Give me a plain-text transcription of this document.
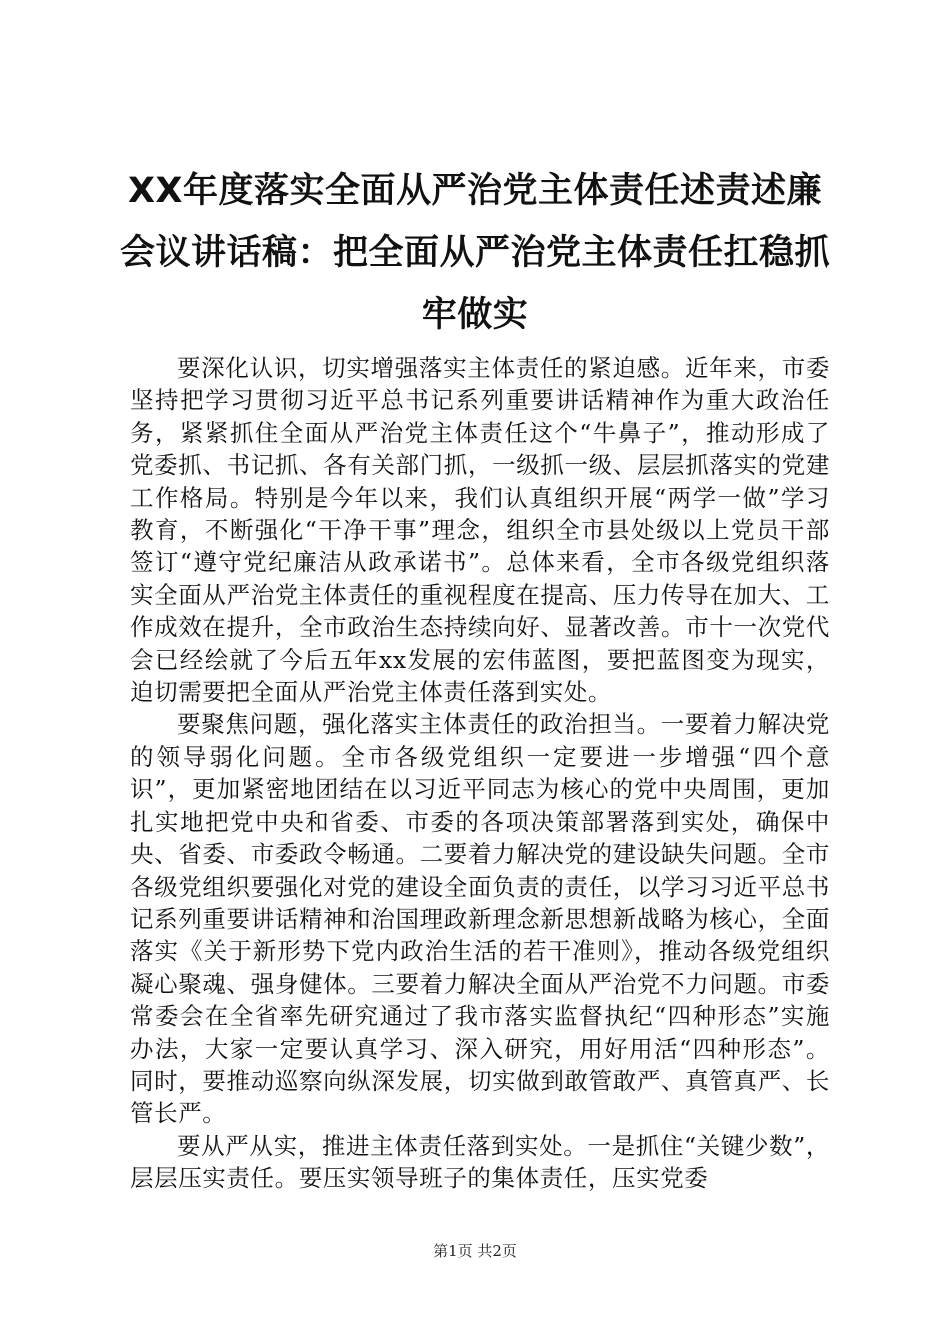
XX年度落实全面从严治党主体责任述责述廉会议讲话稿：把全面从严治党主体责任扛稳抓牢做实

要深化认识，切实增强落实主体责任的紧迫感。近年来，市委坚持把学习贯彻习近平总书记系列重要讲话精神作为重大政治任务，紧紧抓住全面从严治党主体责任这个“牛鼻子”，推动形成了党委抓、书记抓、各有关部门抓，一级抓一级、层层抓落实的党建工作格局。特别是今年以来，我们认真组织开展“两学一做”学习教育，不断强化“干净干事”理念，组织全市县处级以上党员干部签订“遵守党纪廉洁从政承诺书”。总体来看，全市各级党组织落实全面从严治党主体责任的重视程度在提高、压力传导在加大、工作成效在提升，全市政治生态持续向好、显著改善。市十一次党代会已经绘就了今后五年xx发展的宏伟蓝图，要把蓝图变为现实，迫切需要把全面从严治党主体责任落到实处。

要聚焦问题，强化落实主体责任的政治担当。一要着力解决党的领导弱化问题。全市各级党组织一定要进一步增强“四个意识”，更加紧密地团结在以习近平同志为核心的党中央周围，更加扎实地把党中央和省委、市委的各项决策部署落到实处，确保中央、省委、市委政令畅通。二要着力解决党的建设缺失问题。全市各级党组织要强化对党的建设全面负责的责任，以学习习近平总书记系列重要讲话精神和治国理政新理念新思想新战略为核心，全面落实《关于新形势下党内政治生活的若干准则》，推动各级党组织凝心聚魂、强身健体。三要着力解决全面从严治党不力问题。市委常委会在全省率先研究通过了我市落实监督执纪“四种形态”实施办法，大家一定要认真学习、深入研究，用好用活“四种形态”。同时，要推动巡察向纵深发展，切实做到敢管敢严、真管真严、长管长严。

要从严从实，推进主体责任落到实处。一是抓住“关键少数”，层层压实责任。要压实领导班子的集体责任，压实党委

第1页 共2页
